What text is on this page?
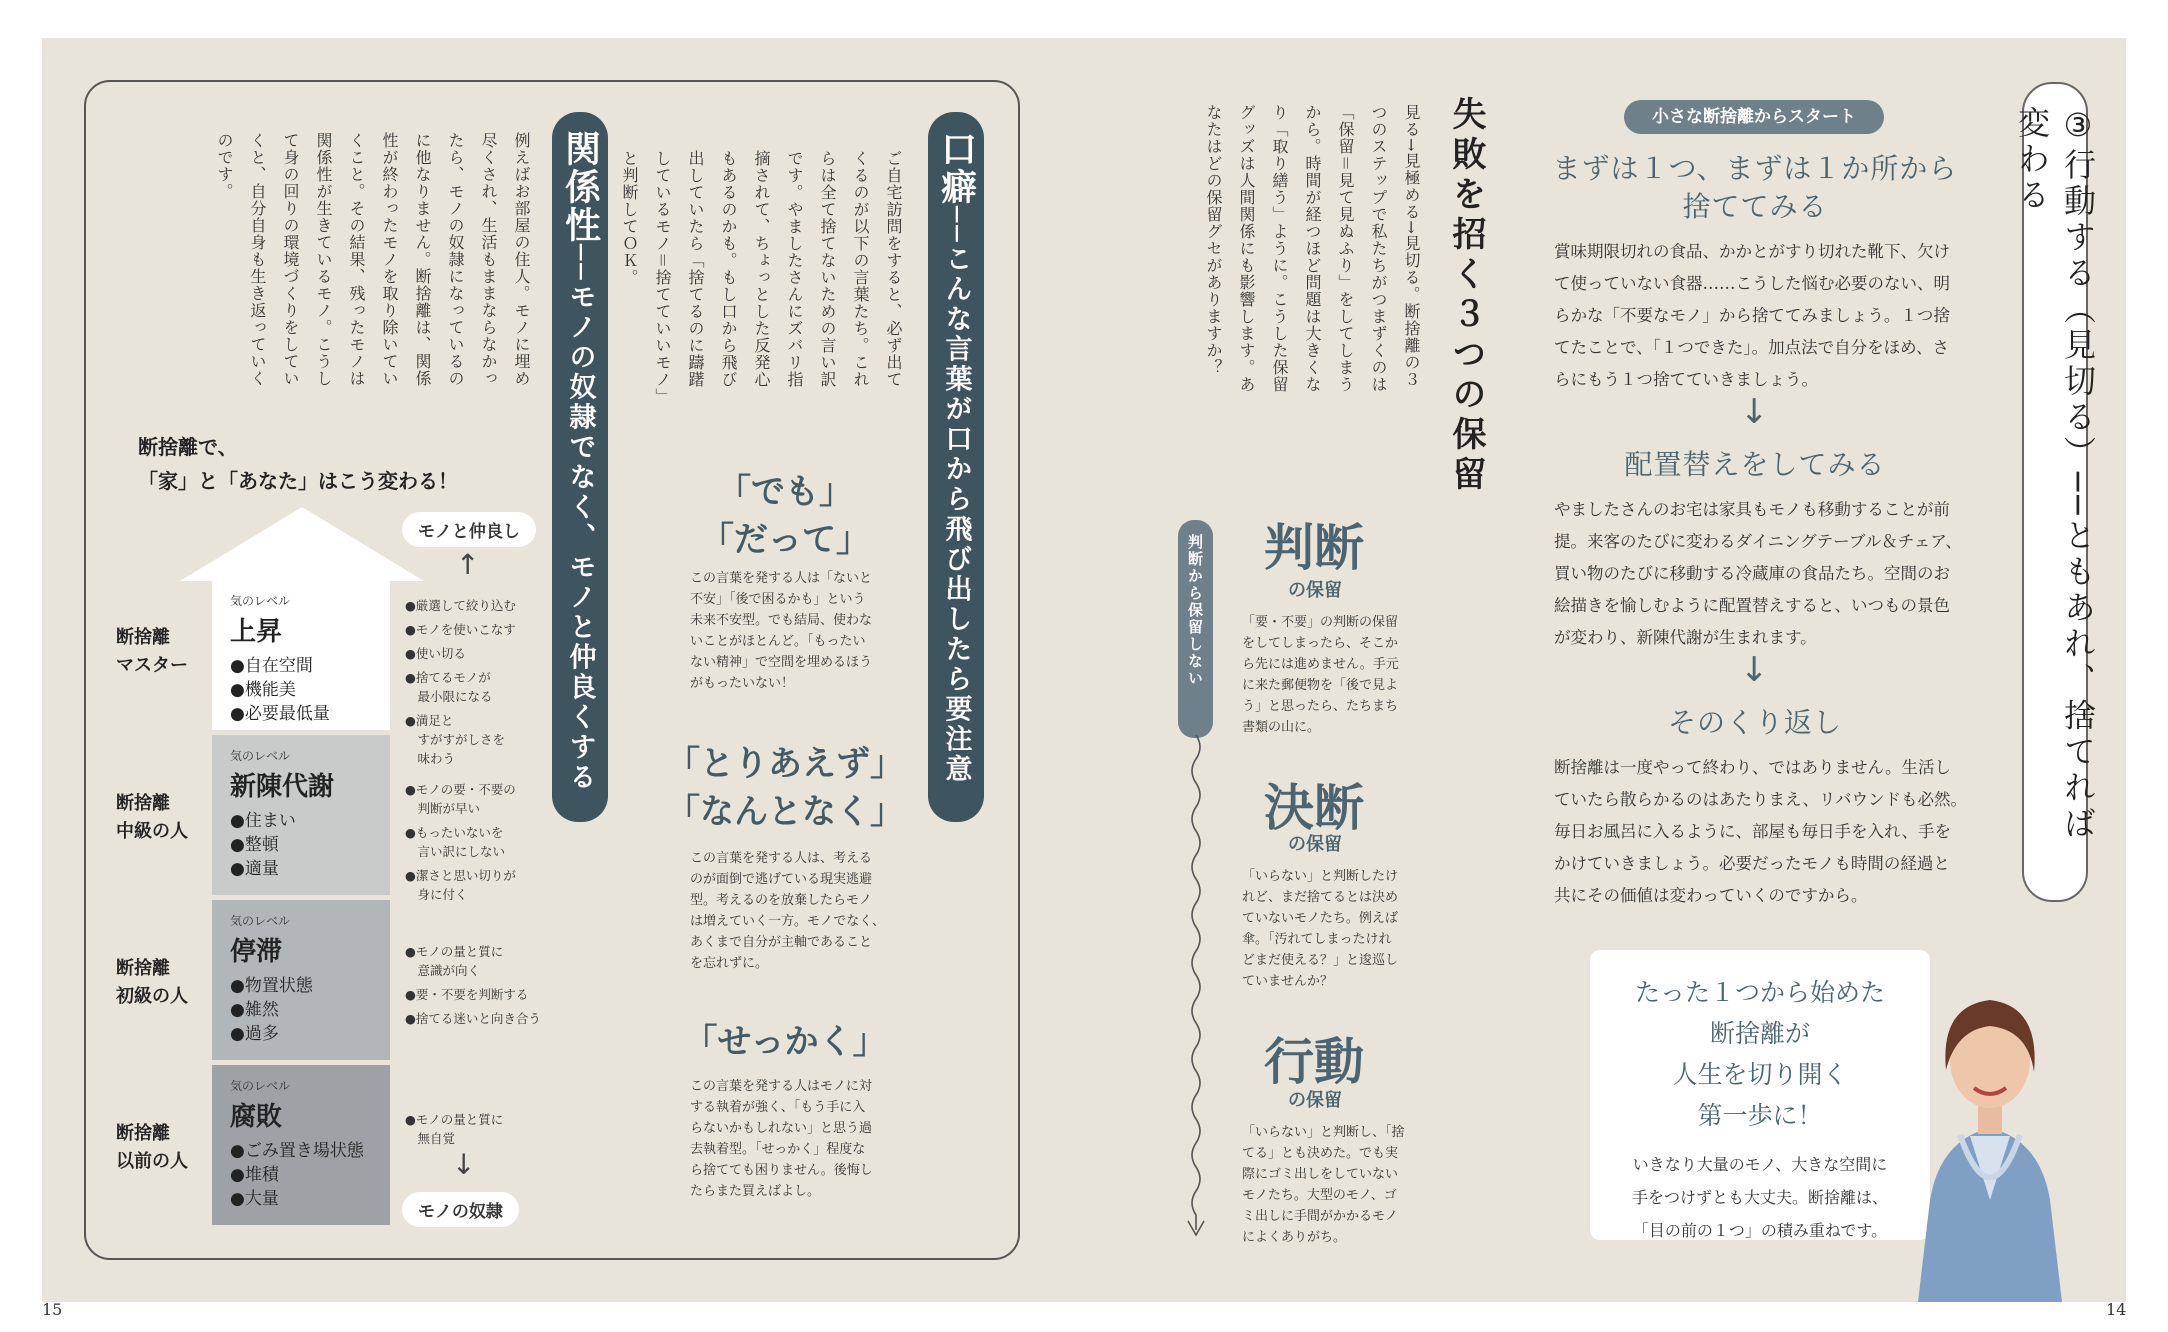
15	14
口癖
──こんな言葉が口から飛び出したら要注意
ご自宅訪問をすると、必ず出てくるのが以下の言葉たち。これらは全て捨てないための言い訳です。やましたさんにズバリ指摘されて、ちょっとした反発心もあるのかも。もし口から飛び出していたら「捨てるのに躊躇しているモノ＝捨てていいモノ」と判断してＯＫ。
「でも」
「だって」
この言葉を発する人は「ないと
不安」「後で困るかも」という
未来不安型。でも結局、使わな
いことがほとんど。「もったい
ない精神」で空間を埋めるほう
がもったいない！
「とりあえず」
「なんとなく」
この言葉を発する人は、考える
のが面倒で逃げている現実逃避
型。考えるのを放棄したらモノ
は増えていく一方。モノでなく、
あくまで自分が主軸であること
を忘れずに。
「せっかく」
この言葉を発する人はモノに対
する執着が強く、「もう手に入
らないかもしれない」と思う過
去執着型。「せっかく」程度な
ら捨てても困りません。後悔し
たらまた買えばよし。
関係性
──モノの奴隷でなく、モノと仲良くする
例えばお部屋の住人。モノに埋め尽くされ、生活もままならなかったら、モノの奴隷になっているのに他なりません。断捨離は、関係性が終わったモノを取り除いていくこと。その結果、残ったモノは関係性が生きているモノ。こうして身の回りの環境づくりをしていくと、自分自身も生き返っていくのです。
断捨離で、
「家」と「あなた」はこう変わる！
モノと仲良し
↑
気のレベル
上昇
●自在空間
●機能美
●必要最低量
気のレベル
新陳代謝
●住まい
●整頓
●適量
気のレベル
停滞
●物置状態
●雑然
●過多
気のレベル
腐敗
●ごみ置き場状態
●堆積
●大量
断捨離
マスター
断捨離
中級の人
断捨離
初級の人
断捨離
以前の人
●厳選して絞り込む
●モノを使いこなす
●使い切る
●捨てるモノが
　最小限になる
●満足と
　すがすがしさを
　味わう
●モノの要・不要の
　判断が早い
●もったいないを
　言い訳にしない
●潔さと思い切りが
　身に付く
●モノの量と質に
　意識が向く
●要・不要を判断する
●捨てる迷いと向き合う
●モノの量と質に
　無自覚
↓
モノの奴隷
失敗を招く３つの保留
見る→見極める→見切る。断捨離の３つのステップで私たちがつまずくのは「保留＝見て見ぬふり」をしてしまうから。時間が経つほど問題は大きくなり「取り繕う」ように。こうした保留グッズは人間関係にも影響します。あなたはどの保留グセがありますか？
判断から保留しない 判断
の保留
「要・不要」の判断の保留
をしてしまったら、そこか
ら先には進めません。手元
に来た郵便物を「後で見よ
う」と思ったら、たちまち
書類の山に。
決断
の保留
「いらない」と判断したけ
れど、まだ捨てるとは決め
ていないモノたち。例えば
傘。「汚れてしまったけれ
どまだ使える？」と逡巡し
ていませんか？
行動
の保留
「いらない」と判断し、「捨
てる」とも決めた。でも実
際にゴミ出しをしていない
モノたち。大型のモノ、ゴ
ミ出しに手間がかかるモノ
によくありがち。
小さな断捨離からスタート
まずは１つ、まずは１か所から
捨ててみる
賞味期限切れの食品、かかとがすり切れた靴下、欠け
て使っていない食器……こうした悩む必要のない、明
らかな「不要なモノ」から捨ててみましょう。１つ捨
てたことで、「１つできた」。加点法で自分をほめ、さ
らにもう１つ捨てていきましょう。
↓
配置替えをしてみる
やましたさんのお宅は家具もモノも移動することが前
提。来客のたびに変わるダイニングテーブル＆チェア、
買い物のたびに移動する冷蔵庫の食品たち。空間のお
絵描きを愉しむように配置替えすると、いつもの景色
が変わり、新陳代謝が生まれます。
↓
そのくり返し
断捨離は一度やって終わり、ではありません。生活し
ていたら散らかるのはあたりまえ、リバウンドも必然。
毎日お風呂に入るように、部屋も毎日手を入れ、手を
かけていきましょう。必要だったモノも時間の経過と
共にその価値は変わっていくのですから。
③行動する（見切る）──ともあれ、捨てれば変わる
たった１つから始めた
断捨離が
人生を切り開く
第一歩に！
いきなり大量のモノ、大きな空間に
手をつけずとも大丈夫。断捨離は、
「目の前の１つ」の積み重ねです。
